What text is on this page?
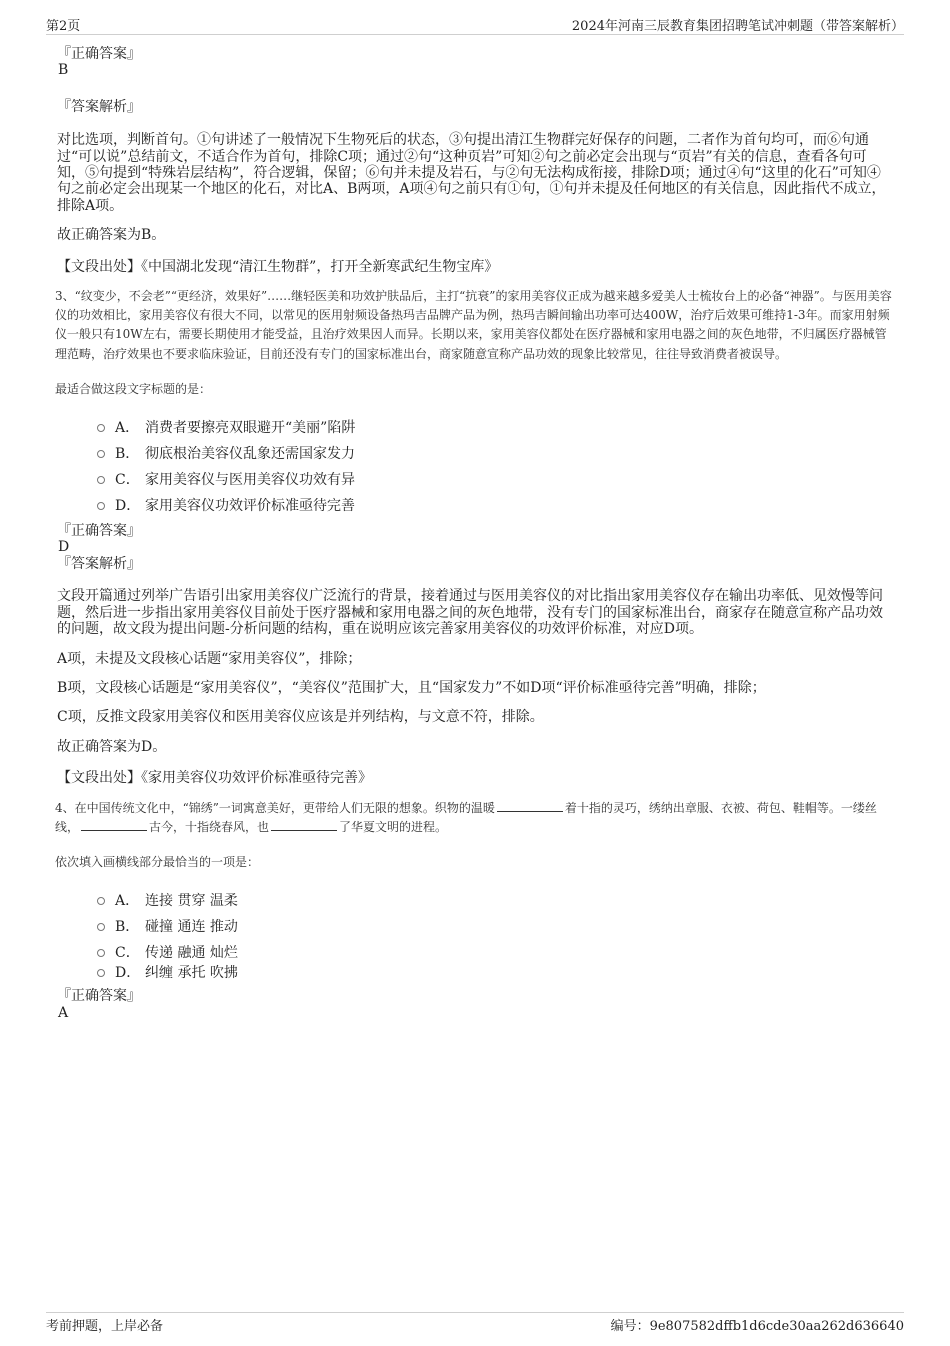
第2页	2024年河南三辰教育集团招聘笔试冲刺题（带答案解析）

『正确答案』

B

『答案解析』

对比选项，判断首句。①句讲述了一般情况下生物死后的状态，③句提出清江生物群完好保存的问题，二者作为首句均可，而⑥句通过“可以说”总结前文，不适合作为首句，排除C项；通过②句“这种页岩”可知②句之前必定会出现与“页岩”有关的信息，查看各句可知，⑤句提到“特殊岩层结构”，符合逻辑，保留；⑥句并未提及岩石，与②句无法构成衔接，排除D项；通过④句“这里的化石”可知④句之前必定会出现某一个地区的化石，对比A、B两项，A项④句之前只有①句，①句并未提及任何地区的有关信息，因此指代不成立，排除A项。

故正确答案为B。

【文段出处】《中国湖北发现“清江生物群”，打开全新寒武纪生物宝库》

3、“纹变少，不会老”“更经济，效果好”……继轻医美和功效护肤品后，主打“抗衰”的家用美容仪正成为越来越多爱美人士梳妆台上的必备“神器”。与医用美容仪的功效相比，家用美容仪有很大不同，以常见的医用射频设备热玛吉品牌产品为例，热玛吉瞬间输出功率可达400W，治疗后效果可维持1-3年。而家用射频仪一般只有10W左右，需要长期使用才能受益，且治疗效果因人而异。长期以来，家用美容仪都处在医疗器械和家用电器之间的灰色地带，不归属医疗器械管理范畴，治疗效果也不要求临床验证，目前还没有专门的国家标准出台，商家随意宣称产品功效的现象比较常见，往往导致消费者被误导。

最适合做这段文字标题的是：

A． 消费者要擦亮双眼避开“美丽”陷阱
B． 彻底根治美容仪乱象还需国家发力
C． 家用美容仪与医用美容仪功效有异
D． 家用美容仪功效评价标准亟待完善

『正确答案』

D

『答案解析』

文段开篇通过列举广告语引出家用美容仪广泛流行的背景，接着通过与医用美容仪的对比指出家用美容仪存在输出功率低、见效慢等问题，然后进一步指出家用美容仪目前处于医疗器械和家用电器之间的灰色地带，没有专门的国家标准出台，商家存在随意宣称产品功效的问题，故文段为提出问题-分析问题的结构，重在说明应该完善家用美容仪的功效评价标准，对应D项。

A项，未提及文段核心话题“家用美容仪”，排除；

B项，文段核心话题是“家用美容仪”，“美容仪”范围扩大，且“国家发力”不如D项“评价标准亟待完善”明确，排除；

C项，反推文段家用美容仪和医用美容仪应该是并列结构，与文意不符，排除。

故正确答案为D。

【文段出处】《家用美容仪功效评价标准亟待完善》

4、在中国传统文化中，“锦绣”一词寓意美好，更带给人们无限的想象。织物的温暖	着十指的灵巧，绣纳出章服、衣被、荷包、鞋帽等。一缕丝线，	古今，十指绕春风，也	了华夏文明的进程。

依次填入画横线部分最恰当的一项是：

A． 连接 贯穿 温柔
B． 碰撞 通连 推动
C． 传递 融通 灿烂
D． 纠缠 承托 吹拂

『正确答案』

A

考前押题，上岸必备	编号：9e807582dffb1d6cde30aa262d636640
